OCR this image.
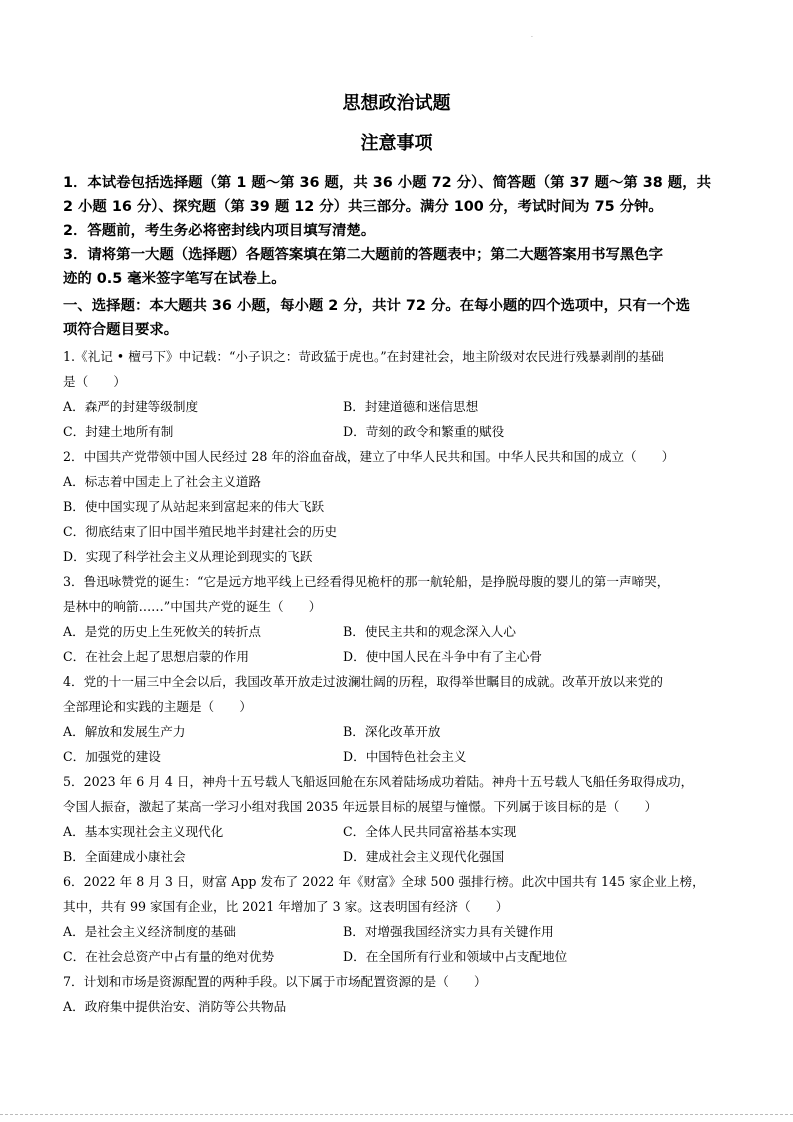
·
思想政治试题
注意事项
1．本试卷包括选择题（第 1 题～第 36 题，共 36 小题 72 分）、简答题（第 37 题～第 38 题，共
2 小题 16 分）、探究题（第 39 题 12 分）共三部分。满分 100 分，考试时间为 75 分钟。
2．答题前，考生务必将密封线内项目填写清楚。
3．请将第一大题（选择题）各题答案填在第二大题前的答题表中；第二大题答案用书写黑色字
迹的 0.5 毫米签字笔写在试卷上。
一、选择题：本大题共 36 小题，每小题 2 分，共计 72 分。在每小题的四个选项中，只有一个选
项符合题目要求。
1.《礼记 • 檀弓下》中记载：“小子识之：苛政猛于虎也。”在封建社会，地主阶级对农民进行残暴剥削的基础
是（　　）
A．森严的封建等级制度	B．封建道德和迷信思想
C．封建土地所有制	D．苛刻的政令和繁重的赋役
2．中国共产党带领中国人民经过 28 年的浴血奋战，建立了中华人民共和国。中华人民共和国的成立（　　）
A．标志着中国走上了社会主义道路
B．使中国实现了从站起来到富起来的伟大飞跃
C．彻底结束了旧中国半殖民地半封建社会的历史
D．实现了科学社会主义从理论到现实的飞跃
3．鲁迅咏赞党的诞生：“它是远方地平线上已经看得见桅杆的那一航轮船，是挣脱母腹的婴儿的第一声啼哭，
是林中的响箭……”中国共产党的诞生（　　）
A．是党的历史上生死攸关的转折点	B．使民主共和的观念深入人心
C．在社会上起了思想启蒙的作用	D．使中国人民在斗争中有了主心骨
4．党的十一届三中全会以后，我国改革开放走过波澜壮阔的历程，取得举世瞩目的成就。改革开放以来党的
全部理论和实践的主题是（　　）
A．解放和发展生产力	B．深化改革开放
C．加强党的建设	D．中国特色社会主义
5．2023 年 6 月 4 日，神舟十五号载人飞船返回舱在东风着陆场成功着陆。神舟十五号载人飞船任务取得成功，
令国人振奋，激起了某高一学习小组对我国 2035 年远景目标的展望与憧憬。下列属于该目标的是（　　）
A．基本实现社会主义现代化	C．全体人民共同富裕基本实现
B．全面建成小康社会	D．建成社会主义现代化强国
6．2022 年 8 月 3 日，财富 App 发布了 2022 年《财富》全球 500 强排行榜。此次中国共有 145 家企业上榜，
其中，共有 99 家国有企业，比 2021 年增加了 3 家。这表明国有经济（　　）
A．是社会主义经济制度的基础	B．对增强我国经济实力具有关键作用
C．在社会总资产中占有量的绝对优势	D．在全国所有行业和领域中占支配地位
7．计划和市场是资源配置的两种手段。以下属于市场配置资源的是（　　）
A．政府集中提供治安、消防等公共物品
